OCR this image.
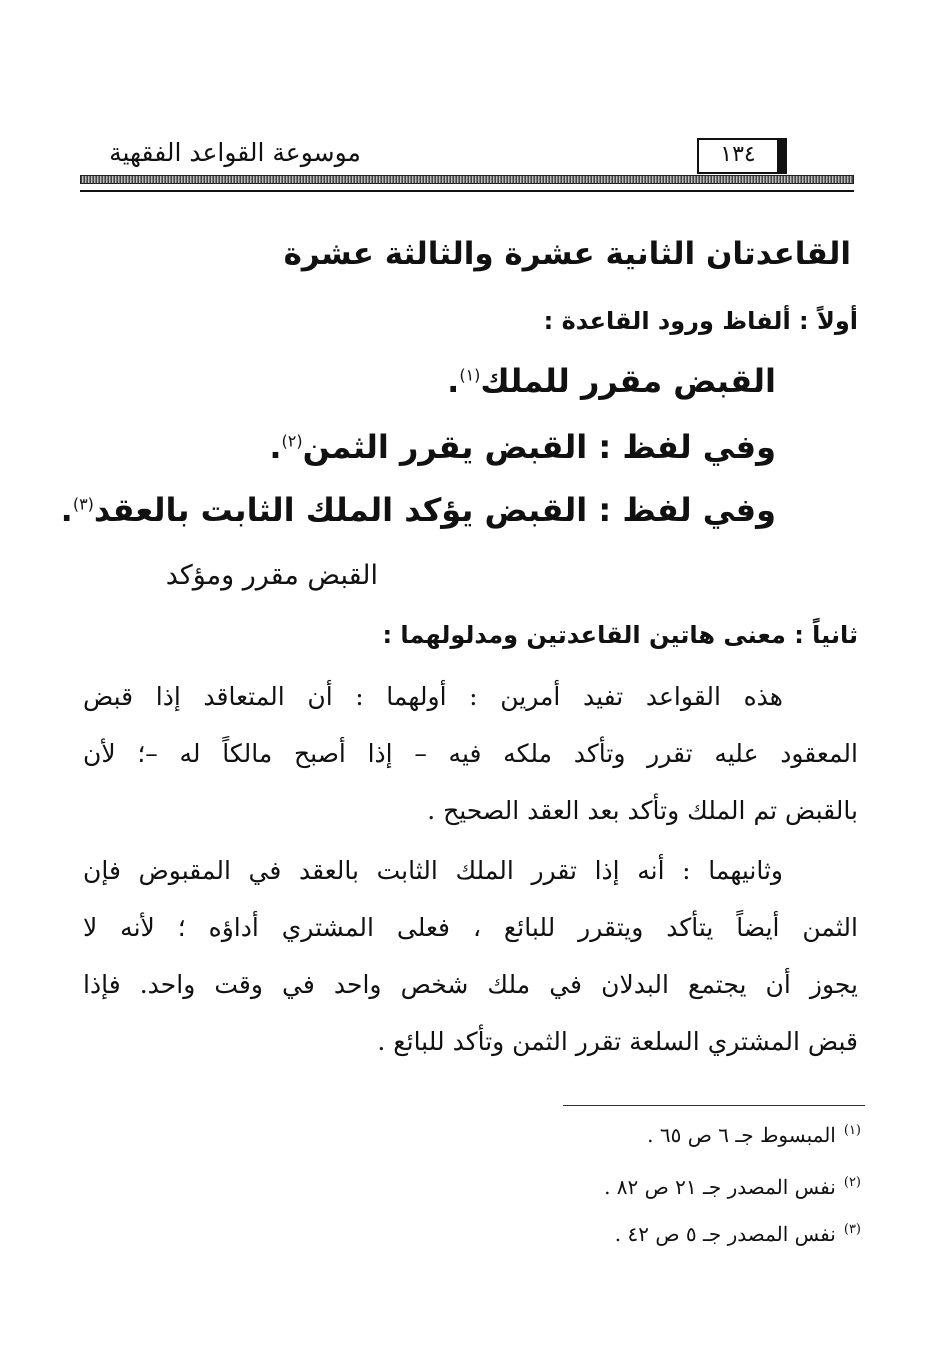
موسوعة القواعد الفقهية	١٣٤
القاعدتان الثانية عشرة والثالثة عشرة
أولاً : ألفاظ ورود القاعدة :
القبض مقرر للملك$^{(١)}$.
وفي لفظ : القبض يقرر الثمن$^{(٢)}$.
وفي لفظ : القبض يؤكد الملك الثابت بالعقد$^{(٣)}$.
القبض مقرر ومؤكد
ثانياً : معنى هاتين القاعدتين ومدلولهما :
هذه القواعد تفيد أمرين : أولهما : أن المتعاقد إذا قبض
المعقود عليه تقرر وتأكد ملكه فيه – إذا أصبح مالكاً له –؛ لأن
بالقبض تم الملك وتأكد بعد العقد الصحيح .
وثانيهما : أنه إذا تقرر الملك الثابت بالعقد في المقبوض فإن
الثمن أيضاً يتأكد ويتقرر للبائع ، فعلى المشتري أداؤه ؛ لأنه لا
يجوز أن يجتمع البدلان في ملك شخص واحد في وقت واحد. فإذا
قبض المشتري السلعة تقرر الثمن وتأكد للبائع .
$^{(١)}$المبسوط جـ ٦ ص ٦٥ .
$^{(٢)}$نفس المصدر جـ ٢١ ص ٨٢ .
$^{(٣)}$نفس المصدر جـ ٥ ص ٤٢ .
